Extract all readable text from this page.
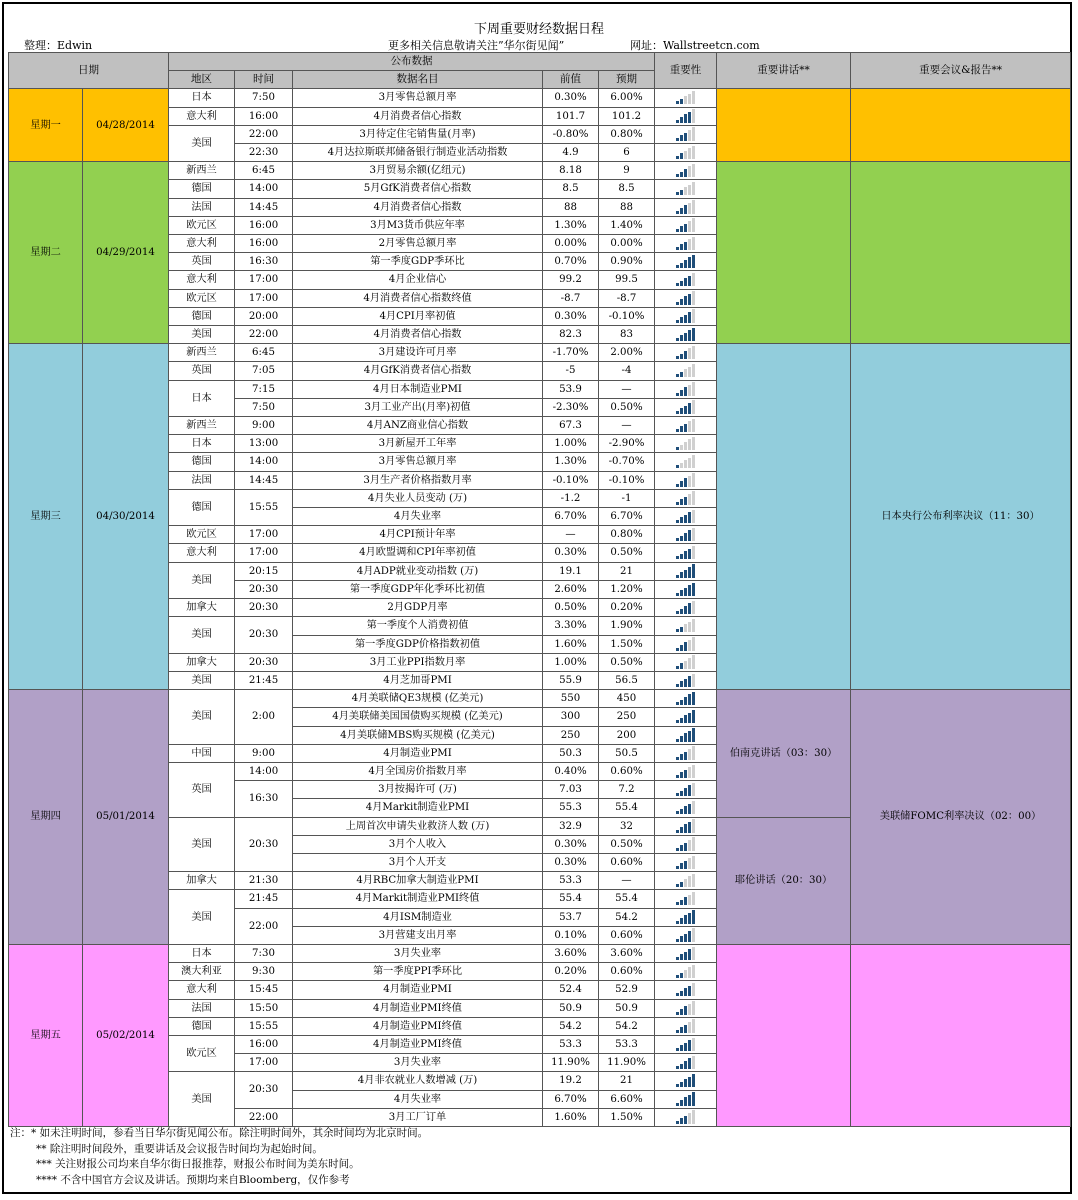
下周重要财经数据日程
整理：Edwin	更多相关信息敬请关注”华尔街见闻”	网址：Wallstreetcn.com
日期		公布数据					重要性	重要讲话**	重要会议&报告**
		地区	时间	数据名目	前值	预期			
星期一	04/28/2014	日本	7:50	3月零售总额月率	0.30%	6.00%	

		意大利	16:00	4月消费者信心指数	101.7	101.2			

		美国	22:00	3月待定住宅销售量(月率)	-0.80%	0.80%			

			22:30	4月达拉斯联邦储备银行制造业活动指数	4.9	6			

星期二	04/29/2014	新西兰	6:45	3月贸易余额(亿纽元)	8.18	9	

		德国	14:00	5月GfK消费者信心指数	8.5	8.5			

		法国	14:45	4月消费者信心指数	88	88			

		欧元区	16:00	3月M3货币供应年率	1.30%	1.40%			

		意大利	16:00	2月零售总额月率	0.00%	0.00%			

		英国	16:30	第一季度GDP季环比	0.70%	0.90%			

		意大利	17:00	4月企业信心	99.2	99.5			

		欧元区	17:00	4月消费者信心指数终值	-8.7	-8.7			

		德国	20:00	4月CPI月率初值	0.30%	-0.10%			

		美国	22:00	4月消费者信心指数	82.3	83			

星期三	04/30/2014	新西兰	6:45	3月建设许可月率	-1.70%	2.00%			日本央行公布利率决议（11：30）
		英国	7:05	4月GfK消费者信心指数	-5	-4			

		日本	7:15	4月日本制造业PMI	53.9	—			

			7:50	3月工业产出(月率)初值	-2.30%	0.50%			

		新西兰	9:00	4月ANZ商业信心指数	67.3	—			

		日本	13:00	3月新屋开工年率	1.00%	-2.90%			

		德国	14:00	3月零售总额月率	1.30%	-0.70%			

		法国	14:45	3月生产者价格指数月率	-0.10%	-0.10%			

		德国	15:55	4月失业人员变动 (万)	-1.2	-1			

				4月失业率	6.70%	6.70%			

		欧元区	17:00	4月CPI预计年率	—	0.80%			

		意大利	17:00	4月欧盟调和CPI年率初值	0.30%	0.50%			

		美国	20:15	4月ADP就业变动指数 (万)	19.1	21			

			20:30	第一季度GDP年化季环比初值	2.60%	1.20%			

		加拿大	20:30	2月GDP月率	0.50%	0.20%			

		美国	20:30	第一季度个人消费初值	3.30%	1.90%			

				第一季度GDP价格指数初值	1.60%	1.50%			

		加拿大	20:30	3月工业PPI指数月率	1.00%	0.50%			

		美国	21:45	4月芝加哥PMI	55.9	56.5			

星期四	05/01/2014	美国	2:00	4月美联储QE3规模 (亿美元)	550	450		伯南克讲话（03：30）	美联储FOMC利率决议（02：00）
				4月美联储美国国债购买规模 (亿美元)	300	250			

				4月美联储MBS购买规模 (亿美元)	250	200			

		中国	9:00	4月制造业PMI	50.3	50.5			

		英国	14:00	4月全国房价指数月率	0.40%	0.60%			

			16:30	3月按揭许可 (万)	7.03	7.2			

				4月Markit制造业PMI	55.3	55.4			

		美国	20:30	上周首次申请失业救济人数 (万)	32.9	32		耶伦讲话（20：30）	
				3月个人收入	0.30%	0.50%			

				3月个人开支	0.30%	0.60%			

		加拿大	21:30	4月RBC加拿大制造业PMI	53.3	—			

		美国	21:45	4月Markit制造业PMI终值	55.4	55.4			

			22:00	4月ISM制造业	53.7	54.2			

				3月营建支出月率	0.10%	0.60%			

星期五	05/02/2014	日本	7:30	3月失业率	3.60%	3.60%	

		澳大利亚	9:30	第一季度PPI季环比	0.20%	0.60%			

		意大利	15:45	4月制造业PMI	52.4	52.9			

		法国	15:50	4月制造业PMI终值	50.9	50.9			

		德国	15:55	4月制造业PMI终值	54.2	54.2			

		欧元区	16:00	4月制造业PMI终值	53.3	53.3			

			17:00	3月失业率	11.90%	11.90%			

		美国	20:30	4月非农就业人数增减 (万)	19.2	21			

				4月失业率	6.70%	6.60%			

			22:00	3月工厂订单	1.60%	1.50%			
注：* 如未注明时间，参看当日华尔街见闻公布。除注明时间外，其余时间均为北京时间。
** 除注明时间段外，重要讲话及会议报告时间均为起始时间。
*** 关注财报公司均来自华尔街日报推荐，财报公布时间为美东时间。
**** 不含中国官方会议及讲话。预期均来自Bloomberg，仅作参考
